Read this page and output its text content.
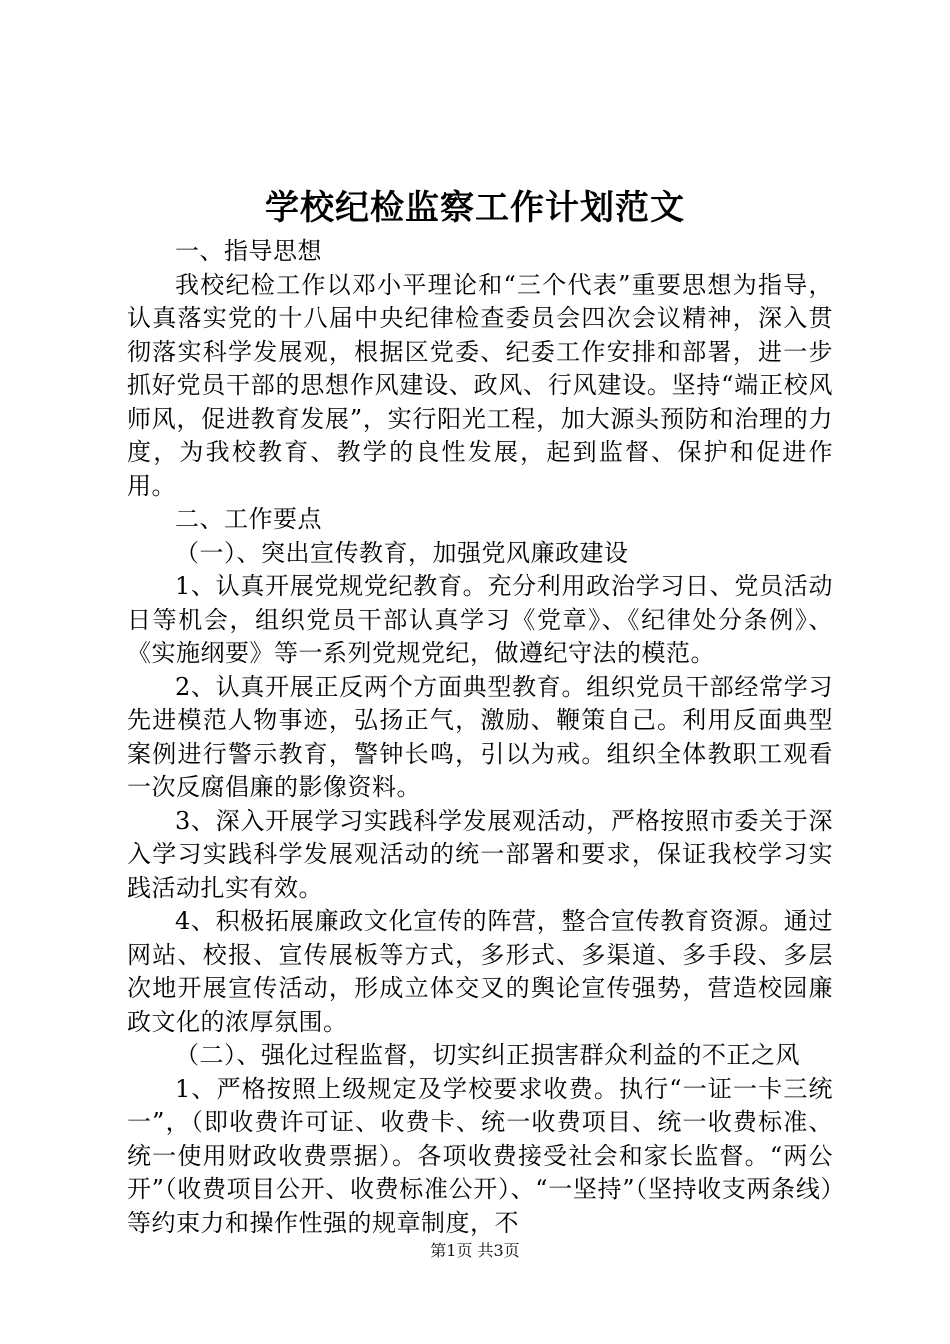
学校纪检监察工作计划范文

一、指导思想

我校纪检工作以邓小平理论和“三个代表”重要思想为指导，认真落实党的十八届中央纪律检查委员会四次会议精神，深入贯彻落实科学发展观，根据区党委、纪委工作安排和部署，进一步抓好党员干部的思想作风建设、政风、行风建设。坚持“端正校风师风，促进教育发展”，实行阳光工程，加大源头预防和治理的力度，为我校教育、教学的良性发展，起到监督、保护和促进作用。

二、工作要点

（一）、突出宣传教育，加强党风廉政建设

1、认真开展党规党纪教育。充分利用政治学习日、党员活动日等机会，组织党员干部认真学习《党章》、《纪律处分条例》、《实施纲要》等一系列党规党纪，做遵纪守法的模范。

2、认真开展正反两个方面典型教育。组织党员干部经常学习先进模范人物事迹，弘扬正气，激励、鞭策自己。利用反面典型案例进行警示教育，警钟长鸣，引以为戒。组织全体教职工观看一次反腐倡廉的影像资料。

3、深入开展学习实践科学发展观活动，严格按照市委关于深入学习实践科学发展观活动的统一部署和要求，保证我校学习实践活动扎实有效。

4、积极拓展廉政文化宣传的阵营，整合宣传教育资源。通过网站、校报、宣传展板等方式，多形式、多渠道、多手段、多层次地开展宣传活动，形成立体交叉的舆论宣传强势，营造校园廉政文化的浓厚氛围。

（二）、强化过程监督，切实纠正损害群众利益的不正之风

1、严格按照上级规定及学校要求收费。执行“一证一卡三统一”，（即收费许可证、收费卡、统一收费项目、统一收费标准、统一使用财政收费票据）。各项收费接受社会和家长监督。“两公开”（收费项目公开、收费标准公开）、“一坚持”（坚持收支两条线）等约束力和操作性强的规章制度，不

第1页 共3页
